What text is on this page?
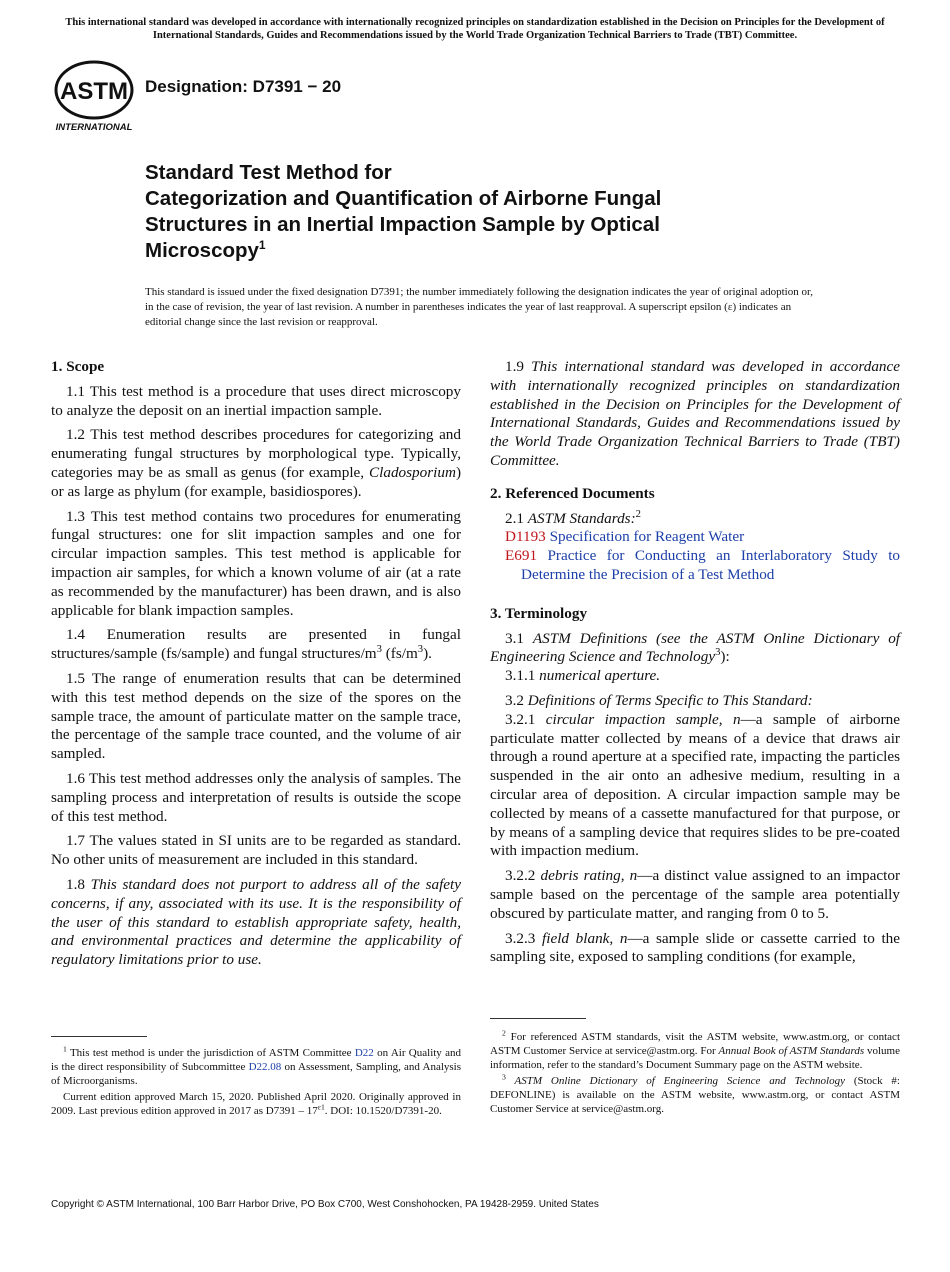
This international standard was developed in accordance with internationally recognized principles on standardization established in the Decision on Principles for the Development of International Standards, Guides and Recommendations issued by the World Trade Organization Technical Barriers to Trade (TBT) Committee.
ASTM
INTERNATIONAL
Designation: D7391 − 20
Standard Test Method for
Categorization and Quantification of Airborne Fungal
Structures in an Inertial Impaction Sample by Optical
Microscopy$^1$
This standard is issued under the fixed designation D7391; the number immediately following the designation indicates the year of original adoption or, in the case of revision, the year of last revision. A number in parentheses indicates the year of last reapproval. A superscript epsilon (ε) indicates an editorial change since the last revision or reapproval.
1. Scope

1.1 This test method is a procedure that uses direct microscopy to analyze the deposit on an inertial impaction sample.

1.2 This test method describes procedures for categorizing and enumerating fungal structures by morphological type. Typically, categories may be as small as genus (for example, Cladosporium) or as large as phylum (for example, basidiospores).

1.3 This test method contains two procedures for enumerating fungal structures: one for slit impaction samples and one for circular impaction samples. This test method is applicable for impaction air samples, for which a known volume of air (at a rate as recommended by the manufacturer) has been drawn, and is also applicable for blank impaction samples.

1.4 Enumeration results are presented in fungal structures/sample (fs/sample) and fungal structures/$m^3$ $(fs/m^3)$.

1.5 The range of enumeration results that can be determined with this test method depends on the size of the spores on the sample trace, the amount of particulate matter on the sample trace, the percentage of the sample trace counted, and the volume of air sampled.

1.6 This test method addresses only the analysis of samples. The sampling process and interpretation of results is outside the scope of this test method.

1.7 The values stated in SI units are to be regarded as standard. No other units of measurement are included in this standard.

1.8 This standard does not purport to address all of the safety concerns, if any, associated with its use. It is the responsibility of the user of this standard to establish appropriate safety, health, and environmental practices and determine the applicability of regulatory limitations prior to use.

1.9 This international standard was developed in accordance with internationally recognized principles on standardization established in the Decision on Principles for the Development of International Standards, Guides and Recommendations issued by the World Trade Organization Technical Barriers to Trade (TBT) Committee.

2. Referenced Documents

2.1 ASTM Standards:$^2$

D1193 Specification for Reagent Water
E691 Practice for Conducting an Interlaboratory Study to Determine the Precision of a Test Method
3. Terminology

3.1 ASTM Definitions (see the ASTM Online Dictionary of Engineering Science and Technology$^3$):

3.1.1 numerical aperture.

3.2 Definitions of Terms Specific to This Standard:

3.2.1 circular impaction sample, n—a sample of airborne particulate matter collected by means of a device that draws air through a round aperture at a specified rate, impacting the particles suspended in the air onto an adhesive medium, resulting in a circular area of deposition. A circular impaction sample may be collected by means of a cassette manufactured for that purpose, or by means of a sampling device that requires slides to be pre-coated with impaction medium.

3.2.2 debris rating, n—a distinct value assigned to an impactor sample based on the percentage of the sample area potentially obscured by particulate matter, and ranging from 0 to 5.

3.2.3 field blank, n—a sample slide or cassette carried to the sampling site, exposed to sampling conditions (for example,

$^1$ This test method is under the jurisdiction of ASTM Committee D22 on Air Quality and is the direct responsibility of Subcommittee D22.08 on Assessment, Sampling, and Analysis of Microorganisms.

Current edition approved March 15, 2020. Published April 2020. Originally approved in 2009. Last previous edition approved in 2017 as $D7391 - 17^{\varepsilon 1}$. DOI: 10.1520/D7391-20.

$^2$ For referenced ASTM standards, visit the ASTM website, www.astm.org, or contact ASTM Customer Service at service@astm.org. For Annual Book of ASTM Standards volume information, refer to the standard’s Document Summary page on the ASTM website.

$^3$ ASTM Online Dictionary of Engineering Science and Technology (Stock #: DEFONLINE) is available on the ASTM website, www.astm.org, or contact ASTM Customer Service at service@astm.org.

Copyright © ASTM International, 100 Barr Harbor Drive, PO Box C700, West Conshohocken, PA 19428-2959. United States
